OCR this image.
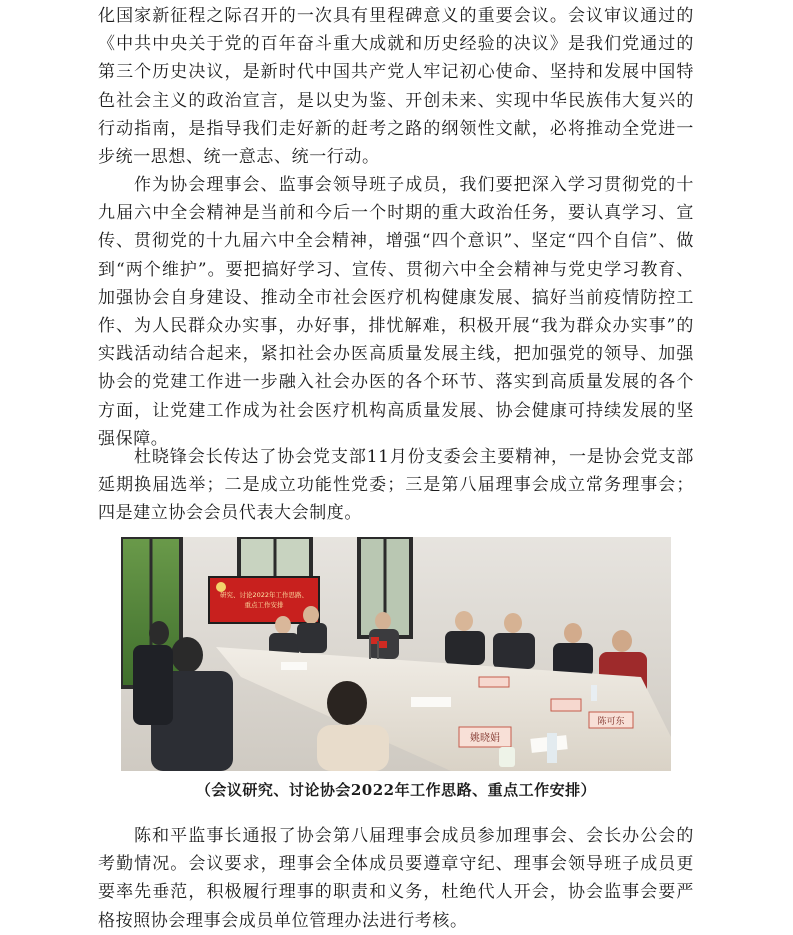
化国家新征程之际召开的一次具有里程碑意义的重要会议。会议审议通过的《中共中央关于党的百年奋斗重大成就和历史经验的决议》是我们党通过的第三个历史决议，是新时代中国共产党人牢记初心使命、坚持和发展中国特色社会主义的政治宣言，是以史为鉴、开创未来、实现中华民族伟大复兴的行动指南，是指导我们走好新的赶考之路的纲领性文献，必将推动全党进一步统一思想、统一意志、统一行动。

作为协会理事会、监事会领导班子成员，我们要把深入学习贯彻党的十九届六中全会精神是当前和今后一个时期的重大政治任务，要认真学习、宣传、贯彻党的十九届六中全会精神，增强“四个意识”、坚定“四个自信”、做到“两个维护”。要把搞好学习、宣传、贯彻六中全会精神与党史学习教育、加强协会自身建设、推动全市社会医疗机构健康发展、搞好当前疫情防控工作、为人民群众办实事，办好事，排忧解难，积极开展“我为群众办实事”的实践活动结合起来，紧扣社会办医高质量发展主线，把加强党的领导、加强协会的党建工作进一步融入社会办医的各个环节、落实到高质量发展的各个方面，让党建工作成为社会医疗机构高质量发展、协会健康可持续发展的坚强保障。

杜晓锋会长传达了协会党支部11月份支委会主要精神，一是协会党支部延期换届选举；二是成立功能性党委；三是第八届理事会成立常务理事会；四是建立协会会员代表大会制度。

研究、讨论2022年工作思路、
重点工作安排
陈可东
姚晓娟
（会议研究、讨论协会2022年工作思路、重点工作安排）

陈和平监事长通报了协会第八届理事会成员参加理事会、会长办公会的考勤情况。会议要求，理事会全体成员要遵章守纪、理事会领导班子成员更要率先垂范，积极履行理事的职责和义务，杜绝代人开会，协会监事会要严格按照协会理事会成员单位管理办法进行考核。
